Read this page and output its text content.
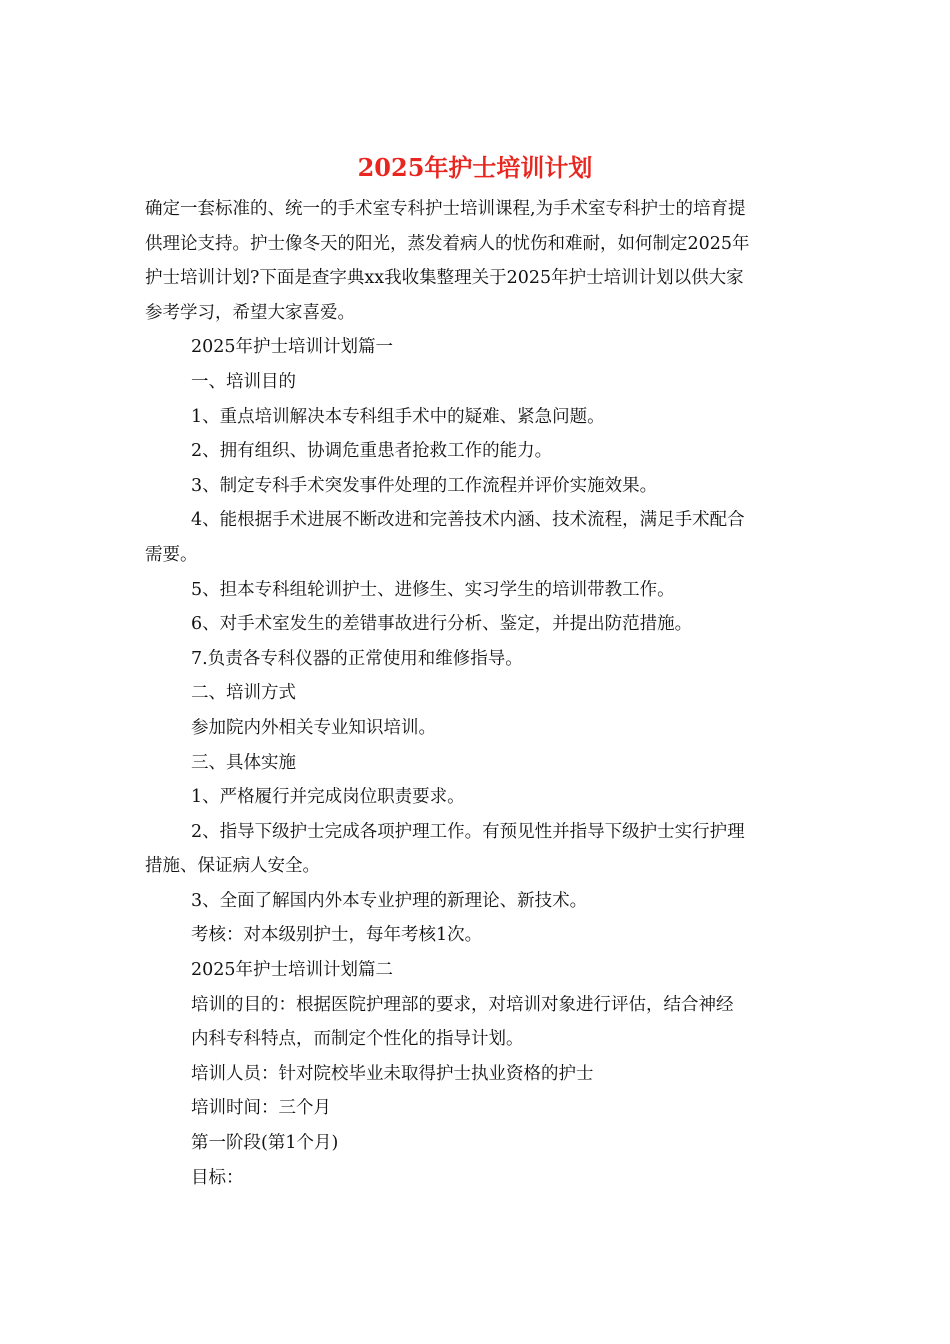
2025年护士培训计划

确定一套标准的、统一的手术室专科护士培训课程,为手术室专科护士的培育提

供理论支持。护士像冬天的阳光，蒸发着病人的忧伤和难耐，如何制定2025年

护士培训计划?下面是查字典xx我收集整理关于2025年护士培训计划以供大家

参考学习，希望大家喜爱。

2025年护士培训计划篇一

一、培训目的

1、重点培训解决本专科组手术中的疑难、紧急问题。

2、拥有组织、协调危重患者抢救工作的能力。

3、制定专科手术突发事件处理的工作流程并评价实施效果。

4、能根据手术进展不断改进和完善技术内涵、技术流程，满足手术配合

需要。

5、担本专科组轮训护士、进修生、实习学生的培训带教工作。

6、对手术室发生的差错事故进行分析、鉴定，并提出防范措施。

7.负责各专科仪器的正常使用和维修指导。

二、培训方式

参加院内外相关专业知识培训。

三、具体实施

1、严格履行并完成岗位职责要求。

2、指导下级护士完成各项护理工作。有预见性并指导下级护士实行护理

措施、保证病人安全。

3、全面了解国内外本专业护理的新理论、新技术。

考核：对本级别护士，每年考核1次。

2025年护士培训计划篇二

培训的目的：根据医院护理部的要求，对培训对象进行评估，结合神经

内科专科特点，而制定个性化的指导计划。

培训人员：针对院校毕业未取得护士执业资格的护士

培训时间：三个月

第一阶段(第1个月)

目标：
